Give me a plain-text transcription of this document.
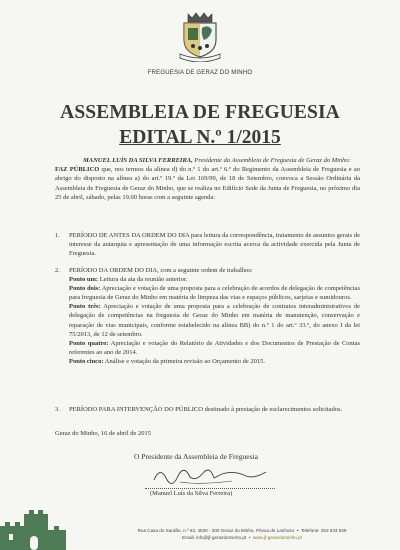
FREGUESIA DE GERAZ DO MINHO
ASSEMBLEIA DE FREGUESIA
EDITAL N.º 1/2015

MANUEL LUÍS DA SILVA FERREIRA, Presidente da Assembleia de Freguesia de Geraz do Minho:

FAZ PÚBLICO que, nos termos da alínea d) do n.º 1 do art.º 6.º do Regimento da Assembleia de Freguesia e ao abrigo do disposto na alínea a) do art.º 19.º da Lei 169/99, de 18 de Setembro, convoca a Sessão Ordinária da Assembleia de Freguesia de Geraz do Minho, que se realiza no Edifício Sede da Junta de Freguesia, no próximo dia 25 de abril, sábado, pelas 19.00 horas com a seguinte agenda:

1. PERÍODO DE ANTES DA ORDEM DO DIA para leitura da correspondência, tratamento de assuntos gerais de interesse da autarquia e apresentação de uma informação escrita acerca da actividade exercida pela Junta de Freguesia.
2. PERÍODO DA ORDEM DO DIA, com a seguinte ordem de trabalhos:
Ponto um: Leitura da ata da reunião anterior.
Ponto dois: Apreciação e votação de uma proposta para a celebração de acordos de delegação de competências para freguesia de Geraz do Minho em matéria de limpeza das vias e espaços públicos, sarjetas e sumidouros.
Ponto três: Apreciação e votação de uma proposta para a celebração de contratos interadministrativos de delegação de competências na freguesia de Geraz do Minho em matéria de manutenção, conservação e reparação de vias municipais, conforme estabelecido na alínea BB) do n.º 1 do art.º 33.º, do anexo I da lei 75/2013, de 12 de setembro.
Ponto quatro: Apreciação e votação do Relatório de Atividades e dos Documentos de Prestação de Contas referentes ao ano de 2014.
Ponto cinco: Análise e votação da primeira revisão ao Orçamento de 2015.
3. PERÍODO PARA INTERVENÇÃO DO PÚBLICO destinado à prestação de esclarecimentos solicitados.
Geraz do Minho, 16 de abril de 2015
O Presidente da Assembleia de Freguesia
(Manuel Luís da Silva Ferreira)
Rua Casa do Sardão, n.º 63, 4830 - 300 Geraz do Minho, Póvoa de Lanhoso  •  Telefone: 253 633 849
Email: info@jf-gerazdominho.pt  •  www.jf-gerazdominho.pt
